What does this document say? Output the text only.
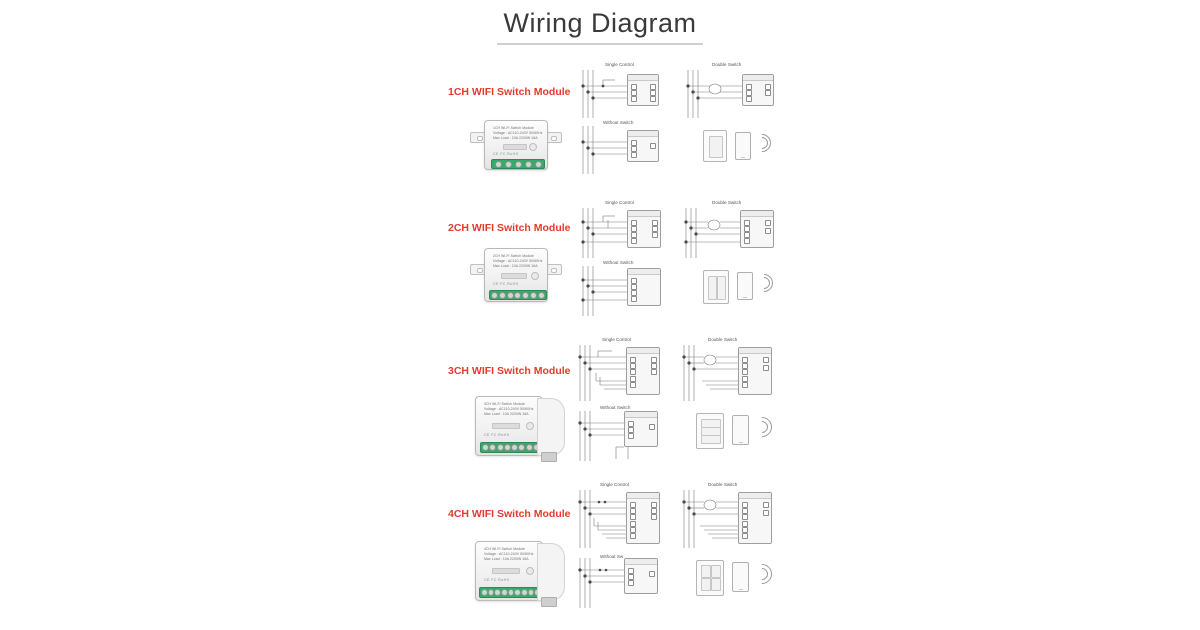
Wiring Diagram
1CH WIFI Switch Module
1CH Wi-Fi Switch Module
Voltage : AC110-240V 50/60Hz
Max Load : 10A 2200W 16A
CE FC RoHS
Single Control	Double Switch
Without Switch
2CH WIFI Switch Module
2CH Wi-Fi Switch Module
Voltage : AC110-240V 50/60Hz
Max Load : 10A 2200W 16A
CE FC RoHS
Single Control	Double Switch
Without Switch
3CH WIFI Switch Module
3CH Wi-Fi Switch Module
Voltage : AC110-240V 50/60Hz
Max Load : 10A 2200W 16A
CE FC RoHS
Single Control	Double Switch
Without Switch
4CH WIFI Switch Module
4CH Wi-Fi Switch Module
Voltage : AC110-240V 50/60Hz
Max Load : 10A 2200W 16A
CE FC RoHS
Single Control	Double Switch
Without Sw
